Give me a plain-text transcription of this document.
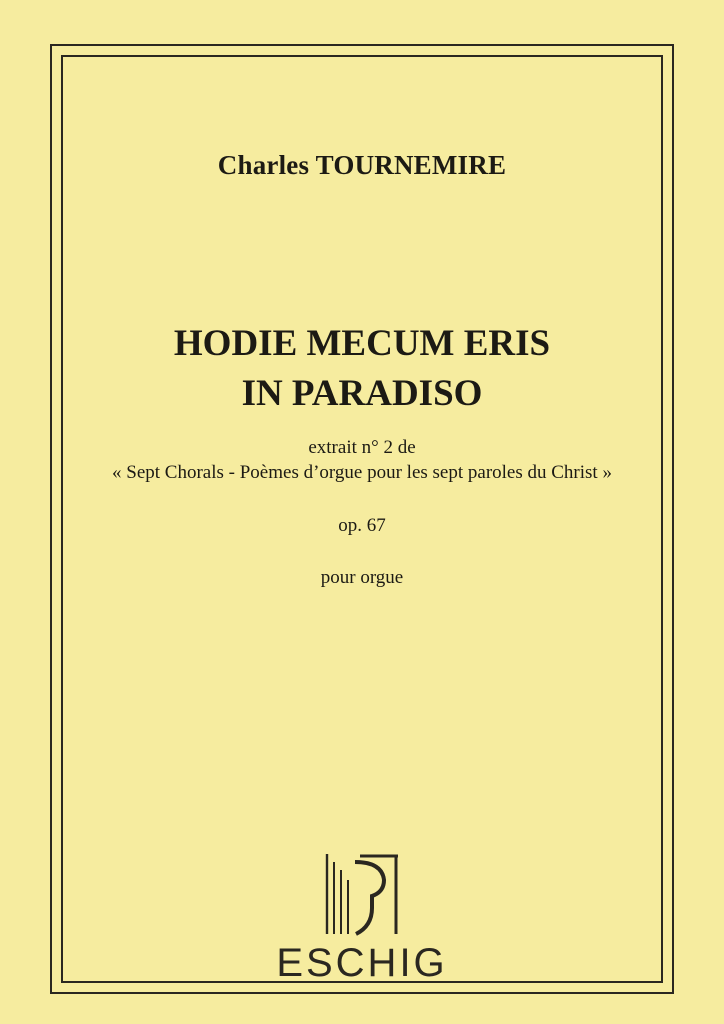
Charles TOURNEMIRE
HODIE MECUM ERIS
IN PARADISO
extrait n° 2 de
« Sept Chorals - Poèmes d’orgue pour les sept paroles du Christ »
op. 67
pour orgue
ESCHIG
